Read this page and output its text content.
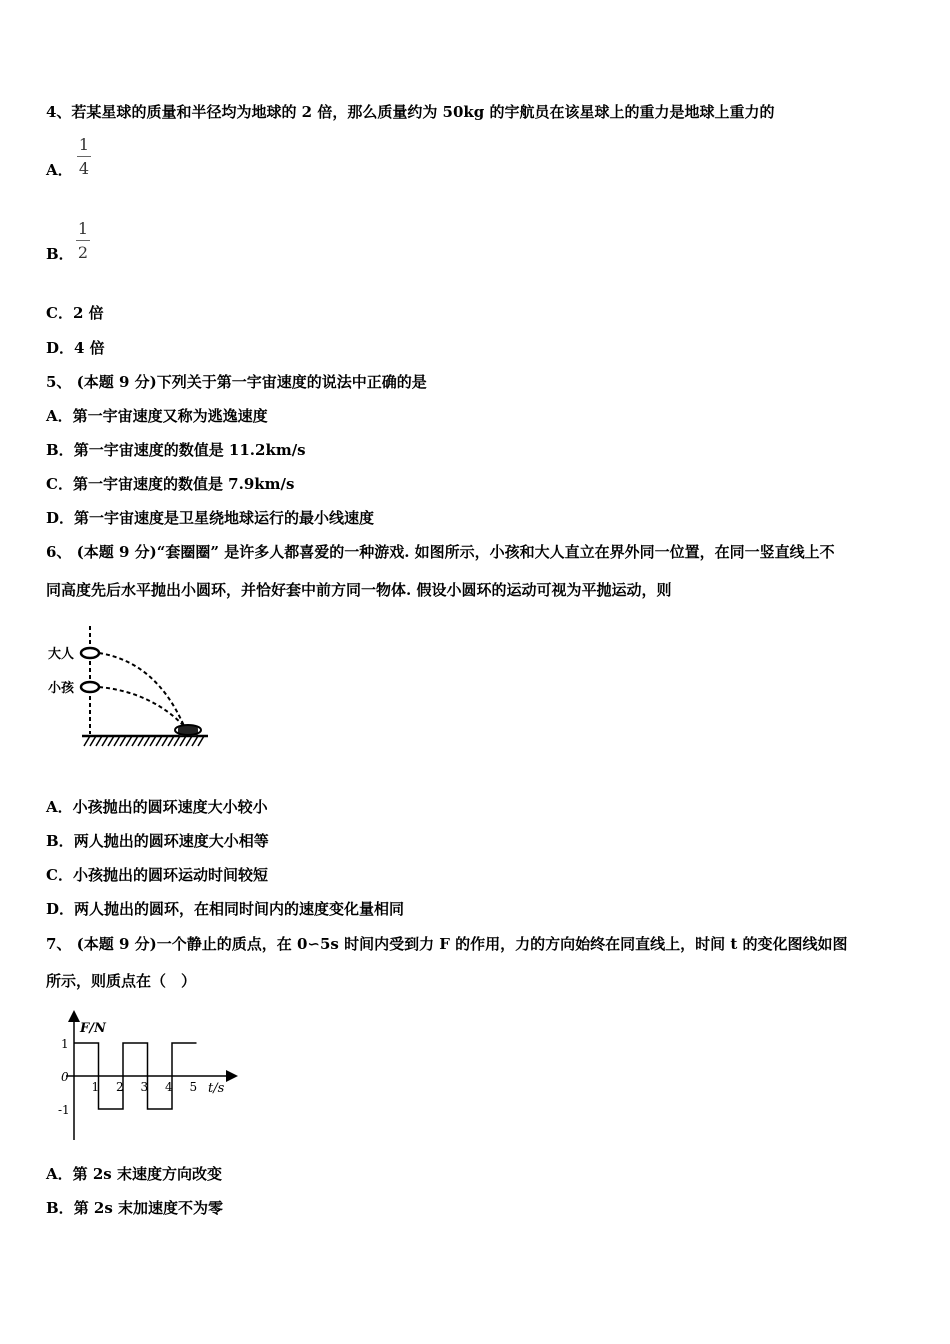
4、若某星球的质量和半径均为地球的 2 倍，那么质量约为 50kg 的宇航员在该星球上的重力是地球上重力的
A．
1
4
B．
1
2
C．2 倍
D．4 倍
5、 (本题 9 分)下列关于第一宇宙速度的说法中正确的是
A．第一宇宙速度又称为逃逸速度
B．第一宇宙速度的数值是 11.2km/s
C．第一宇宙速度的数值是 7.9km/s
D．第一宇宙速度是卫星绕地球运行的最小线速度
6、 (本题 9 分)“套圈圈” 是许多人都喜爱的一种游戏. 如图所示，小孩和大人直立在界外同一位置，在同一竖直线上不
同高度先后水平抛出小圆环，并恰好套中前方同一物体. 假设小圆环的运动可视为平抛运动，则
大人
小孩
A．小孩抛出的圆环速度大小较小
B．两人抛出的圆环速度大小相等
C．小孩抛出的圆环运动时间较短
D．两人抛出的圆环，在相同时间内的速度变化量相同
7、 (本题 9 分)一个静止的质点，在 0∽5s 时间内受到力 F 的作用，力的方向始终在同直线上，时间 t 的变化图线如图
所示，则质点在（　）
F/N
t/s
1
0
-1
1 2 3 4 5
A．第 2s 末速度方向改变
B．第 2s 末加速度不为零
